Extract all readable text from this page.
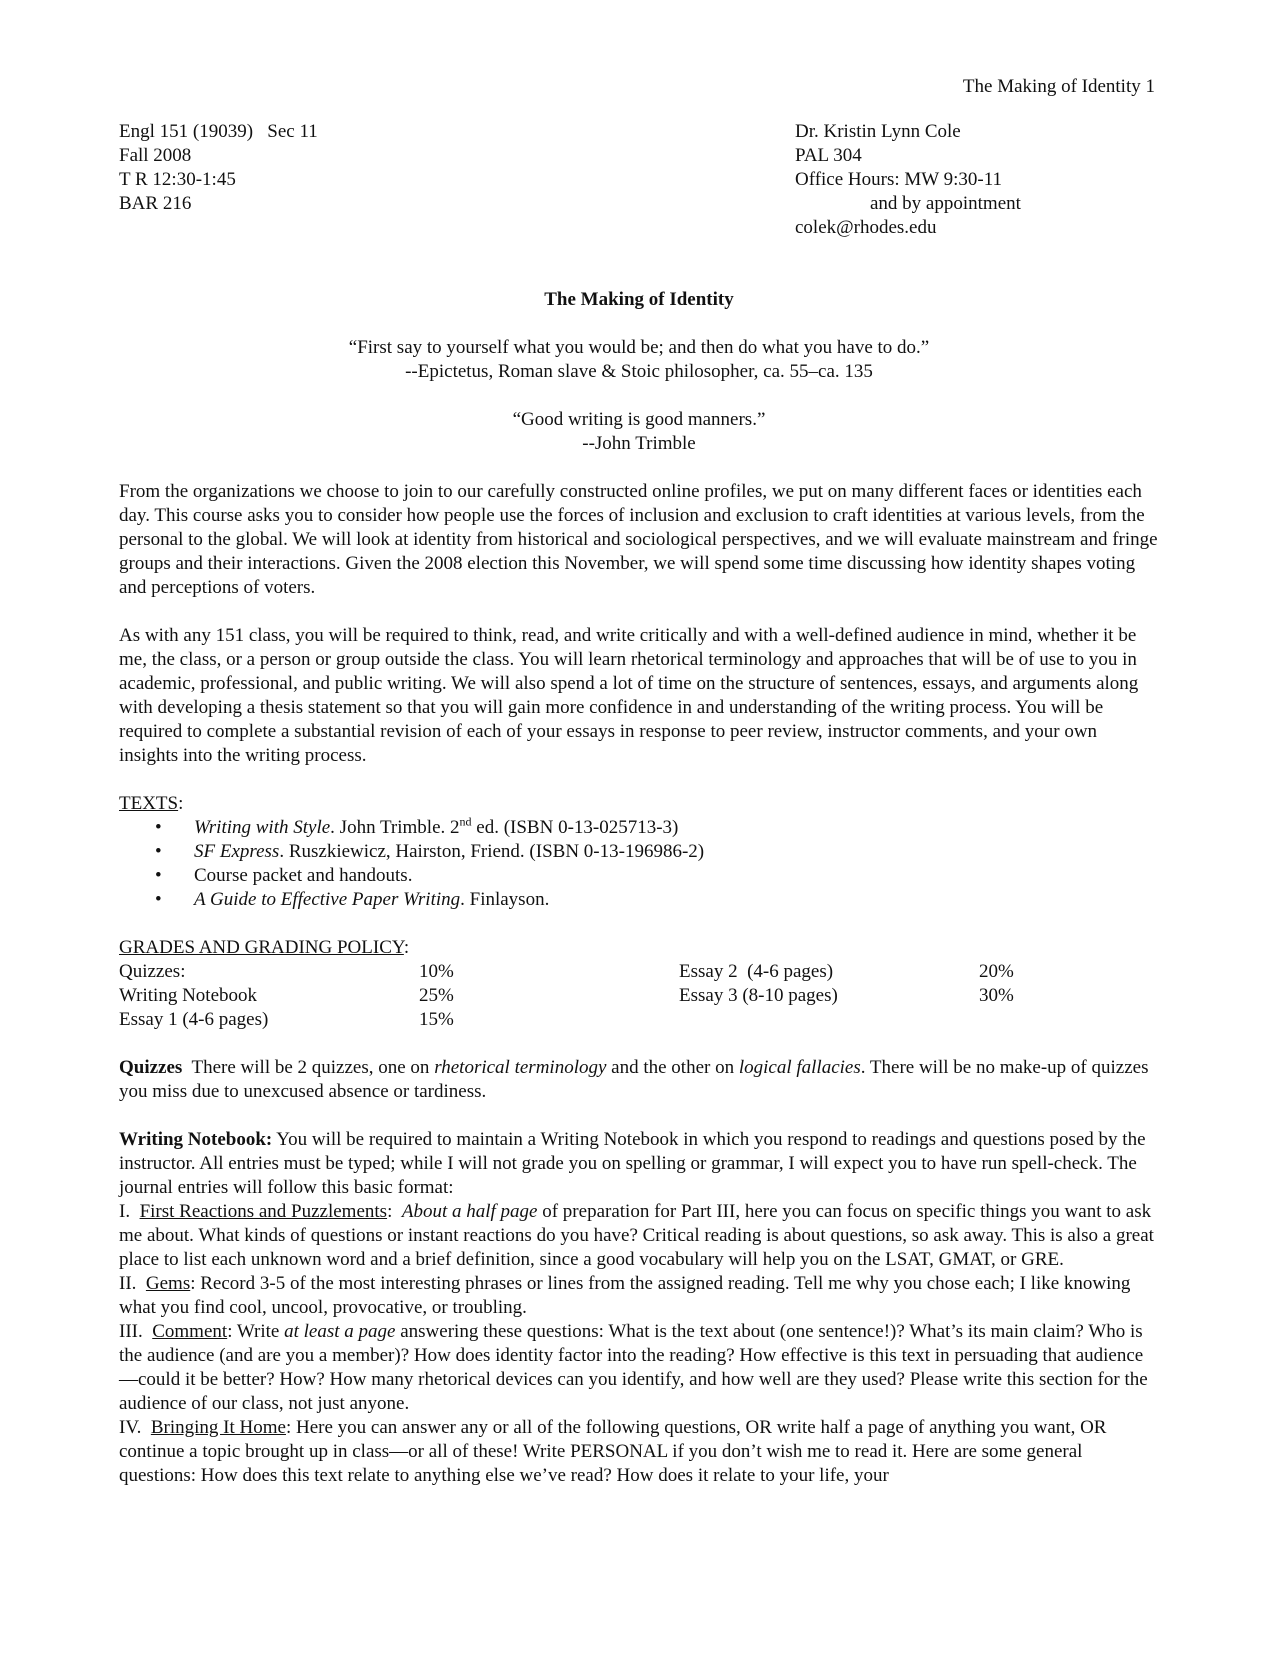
The Making of Identity 1
Engl 151 (19039)   Sec 11
Fall 2008
T R 12:30-1:45
BAR 216
Dr. Kristin Lynn Cole
PAL 304
Office Hours: MW 9:30-11
and by appointment
colek@rhodes.edu
The Making of Identity
“First say to yourself what you would be; and then do what you have to do.”
--Epictetus, Roman slave & Stoic philosopher, ca. 55–ca. 135
“Good writing is good manners.”
--John Trimble

From the organizations we choose to join to our carefully constructed online profiles, we put on many different faces or identities each day. This course asks you to consider how people use the forces of inclusion and exclusion to craft identities at various levels, from the personal to the global. We will look at identity from historical and sociological perspectives, and we will evaluate mainstream and fringe groups and their interactions. Given the 2008 election this November, we will spend some time discussing how identity shapes voting and perceptions of voters.

As with any 151 class, you will be required to think, read, and write critically and with a well-defined audience in mind, whether it be me, the class, or a person or group outside the class. You will learn rhetorical terminology and approaches that will be of use to you in academic, professional, and public writing. We will also spend a lot of time on the structure of sentences, essays, and arguments along with developing a thesis statement so that you will gain more confidence in and understanding of the writing process. You will be required to complete a substantial revision of each of your essays in response to peer review, instructor comments, and your own insights into the writing process.

TEXTS:
• Writing with Style. John Trimble. 2nd ed. (ISBN 0-13-025713-3)
• SF Express. Ruszkiewicz, Hairston, Friend. (ISBN 0-13-196986-2)
• Course packet and handouts.
• A Guide to Effective Paper Writing. Finlayson.
GRADES AND GRADING POLICY:
Quizzes:	10%
Writing Notebook	25%
Essay 1 (4-6 pages)	15%
Essay 2  (4-6 pages)	20%
Essay 3 (8-10 pages)	30%

Quizzes  There will be 2 quizzes, one on rhetorical terminology and the other on logical fallacies. There will be no make-up of quizzes you miss due to unexcused absence or tardiness.

Writing Notebook: You will be required to maintain a Writing Notebook in which you respond to readings and questions posed by the instructor. All entries must be typed; while I will not grade you on spelling or grammar, I will expect you to have run spell-check. The journal entries will follow this basic format:
I.  First Reactions and Puzzlements:  About a half page of preparation for Part III, here you can focus on specific things you want to ask me about. What kinds of questions or instant reactions do you have? Critical reading is about questions, so ask away. This is also a great place to list each unknown word and a brief definition, since a good vocabulary will help you on the LSAT, GMAT, or GRE.
II.  Gems: Record 3-5 of the most interesting phrases or lines from the assigned reading. Tell me why you chose each; I like knowing what you find cool, uncool, provocative, or troubling.
III.  Comment: Write at least a page answering these questions: What is the text about (one sentence!)? What’s its main claim? Who is the audience (and are you a member)? How does identity factor into the reading? How effective is this text in persuading that audience—could it be better? How? How many rhetorical devices can you identify, and how well are they used? Please write this section for the audience of our class, not just anyone.
IV.  Bringing It Home: Here you can answer any or all of the following questions, OR write half a page of anything you want, OR continue a topic brought up in class—or all of these! Write PERSONAL if you don’t wish me to read it. Here are some general questions: How does this text relate to anything else we’ve read? How does it relate to your life, your
